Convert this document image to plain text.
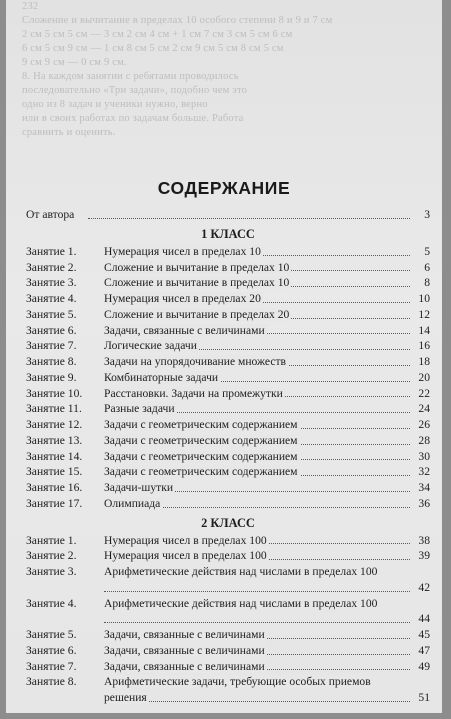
232
Сложение и вычитание в пределах 10 особого степени 8 и 9 и 7 см
2 см 5 см 5 см — 3 см 2 см 4 см + 1 см 7 см 3 см 5 см 6 см
6 см 5 см 9 см — 1 см 8 см 5 см 2 см 9 см 5 см 8 см 5 см
9 см 9 см — 0 см 9 см.
8. На каждом занятии с ребятами проводилось
последовательно «Три задачи», подобно чем это
одно из 8 задач и ученики нужно, верно
или в своих работах по задачам больше. Работа
сравнить и оценить.
СОДЕРЖАНИЕ
От автора	3
1 КЛАСС
Занятие 1. Нумерация чисел в пределах 10	5
Занятие 2. Сложение и вычитание в пределах 10	6
Занятие 3. Сложение и вычитание в пределах 10	8
Занятие 4. Нумерация чисел в пределах 20	10
Занятие 5. Сложение и вычитание в пределах 20	12
Занятие 6. Задачи, связанные с величинами	14
Занятие 7. Логические задачи	16
Занятие 8. Задачи на упорядочивание множеств	18
Занятие 9. Комбинаторные задачи	20
Занятие 10. Расстановки. Задачи на промежутки	22
Занятие 11. Разные задачи	24
Занятие 12. Задачи с геометрическим содержанием	26
Занятие 13. Задачи с геометрическим содержанием	28
Занятие 14. Задачи с геометрическим содержанием	30
Занятие 15. Задачи с геометрическим содержанием	32
Занятие 16. Задачи-шутки	34
Занятие 17. Олимпиада	36
2 КЛАСС
Занятие 1. Нумерация чисел в пределах 100	38
Занятие 2. Нумерация чисел в пределах 100	39
Занятие 3. Арифметические действия над числами в пределах 100
42
Занятие 4. Арифметические действия над числами в пределах 100
44
Занятие 5. Задачи, связанные с величинами	45
Занятие 6. Задачи, связанные с величинами	47
Занятие 7. Задачи, связанные с величинами	49
Занятие 8. Арифметические задачи, требующие особых приемов решения	51
